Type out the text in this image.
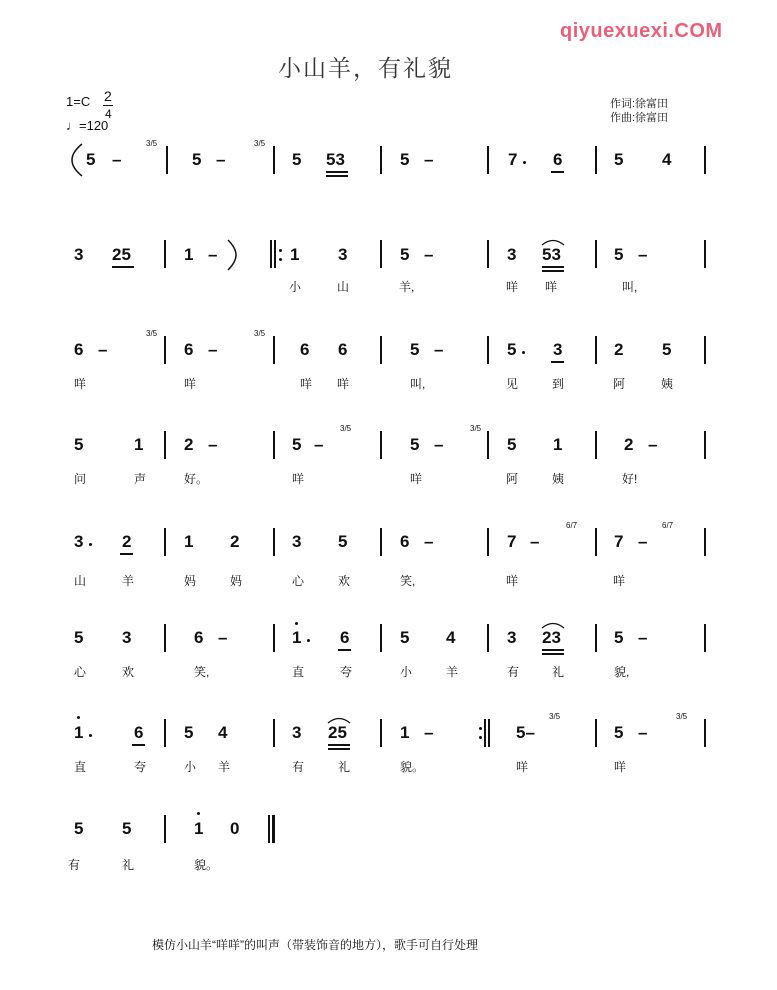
qiyuexuexi.COM
小山羊，有礼貌
1=C 2
4
♩=120
作词:徐富田
作曲:徐富田
5 –
3/5
5 –
3/5
5 53	5 –	7 6	5 4
3 25	1 –	1 3	5 –	3 53	5 –
小	山	羊,	咩 咩	叫,
6 –
3/5
6 –
3/5
6 6	5 –	5 3	2 5
咩	咩	咩 咩	叫,	见	到	阿	姨
5	1 2 –	5 –
3/5
5 –
3/5
5 1	2 –
问	声	好。	咩	咩	阿	姨	好!
3 2	1 2	3 5	6 –	7 –
6/7
7 –
6/7
山	羊	妈	妈	心	欢	笑,	咩	咩
5 3	6 –	1 6	5 4	3 23	5 –
心	欢	笑,	直	夸	小	羊	有	礼	貌,
1	6 5 4	3 25	1 –	5–
3/5
5 –
3/5
直	夸	小 羊	有	礼	貌。	咩	咩
5 5	1 0
有	礼	貌。
模仿小山羊“咩咩”的叫声（带装饰音的地方），歌手可自行处理
